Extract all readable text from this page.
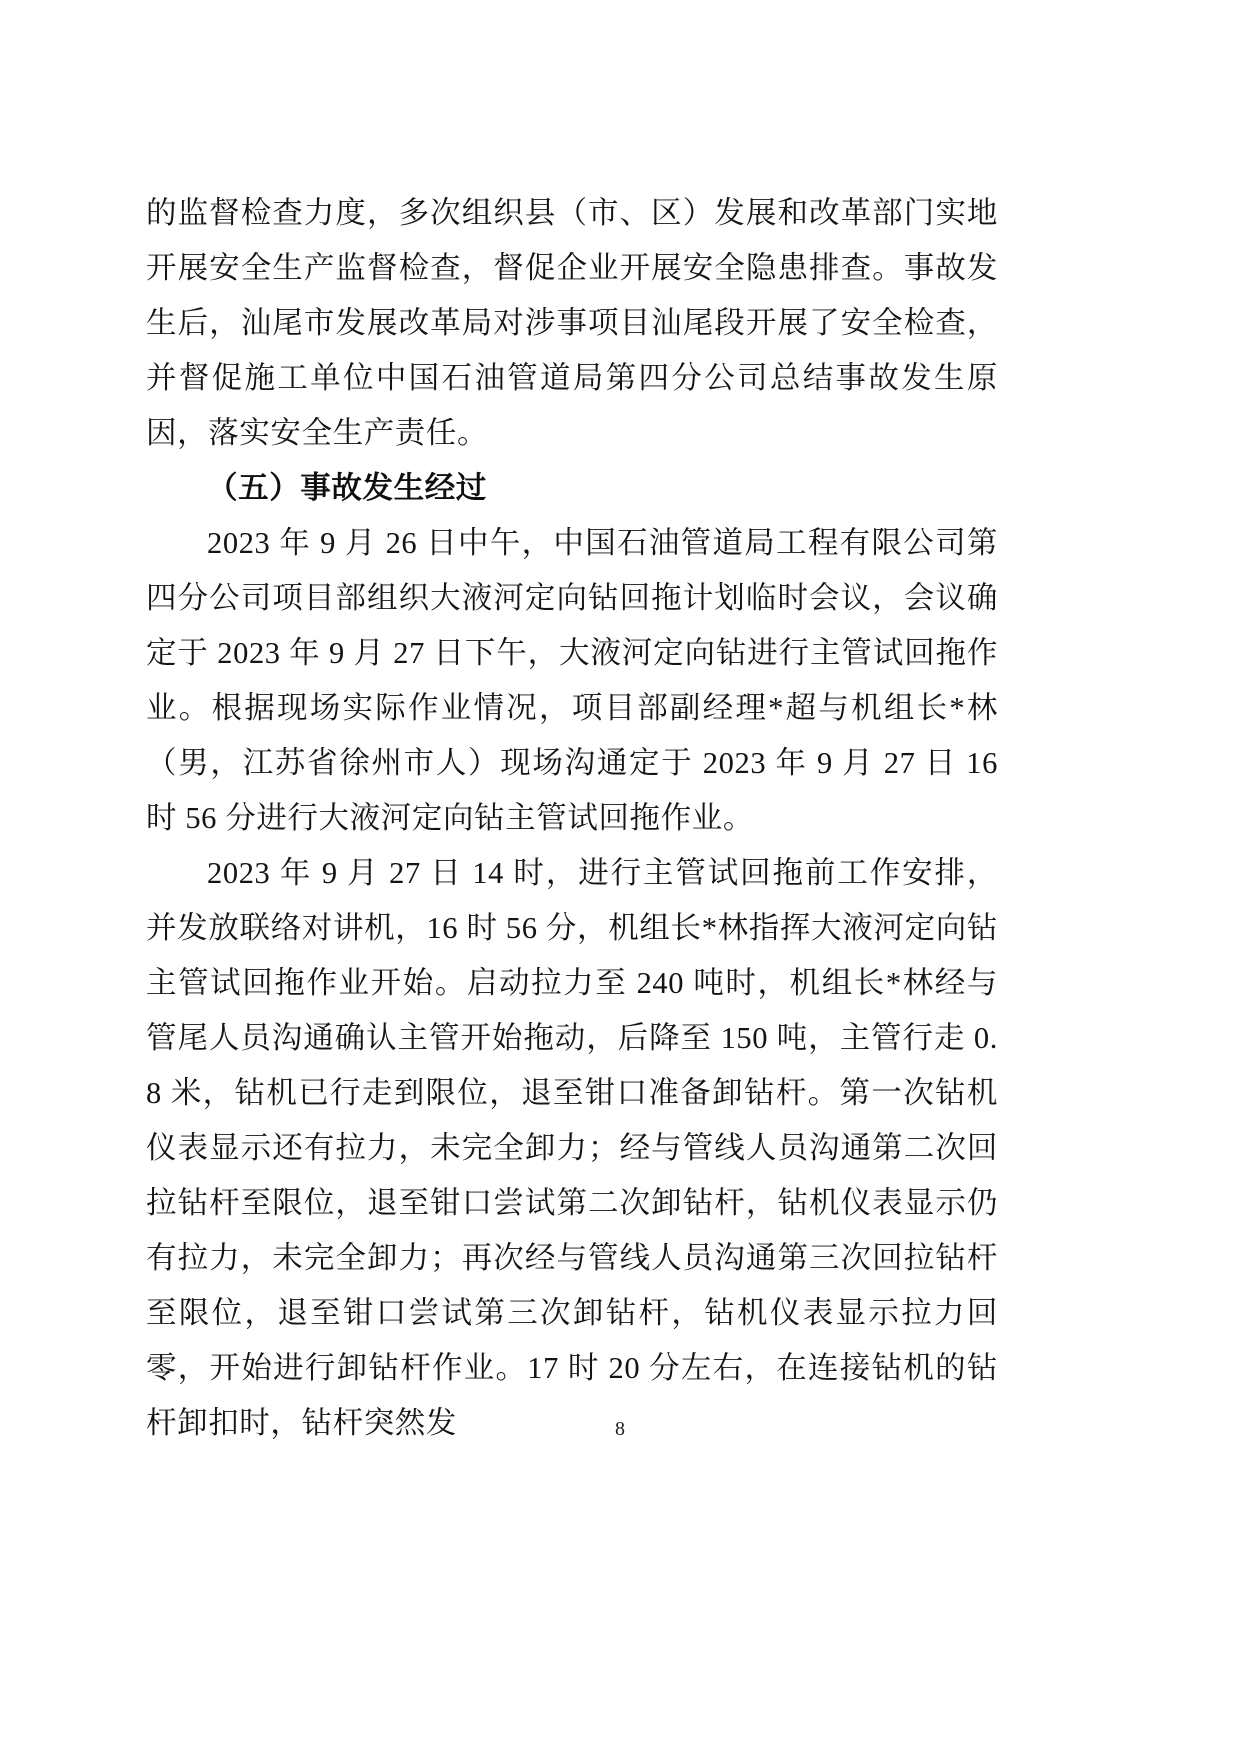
的监督检查力度，多次组织县（市、区）发展和改革部门实地开展安全生产监督检查，督促企业开展安全隐患排查。事故发生后，汕尾市发展改革局对涉事项目汕尾段开展了安全检查，并督促施工单位中国石油管道局第四分公司总结事故发生原因，落实安全生产责任。

（五）事故发生经过

2023 年 9 月 26 日中午，中国石油管道局工程有限公司第四分公司项目部组织大液河定向钻回拖计划临时会议，会议确定于 2023 年 9 月 27 日下午，大液河定向钻进行主管试回拖作业。根据现场实际作业情况，项目部副经理*超与机组长*林（男，江苏省徐州市人）现场沟通定于 2023 年 9 月 27 日 16 时 56 分进行大液河定向钻主管试回拖作业。

2023 年 9 月 27 日 14 时，进行主管试回拖前工作安排，并发放联络对讲机，16 时 56 分，机组长*林指挥大液河定向钻主管试回拖作业开始。启动拉力至 240 吨时，机组长*林经与管尾人员沟通确认主管开始拖动，后降至 150 吨，主管行走 0.8 米，钻机已行走到限位，退至钳口准备卸钻杆。第一次钻机仪表显示还有拉力，未完全卸力；经与管线人员沟通第二次回拉钻杆至限位，退至钳口尝试第二次卸钻杆，钻机仪表显示仍有拉力，未完全卸力；再次经与管线人员沟通第三次回拉钻杆至限位，退至钳口尝试第三次卸钻杆，钻机仪表显示拉力回零，开始进行卸钻杆作业。17 时 20 分左右，在连接钻机的钻杆卸扣时，钻杆突然发	8
